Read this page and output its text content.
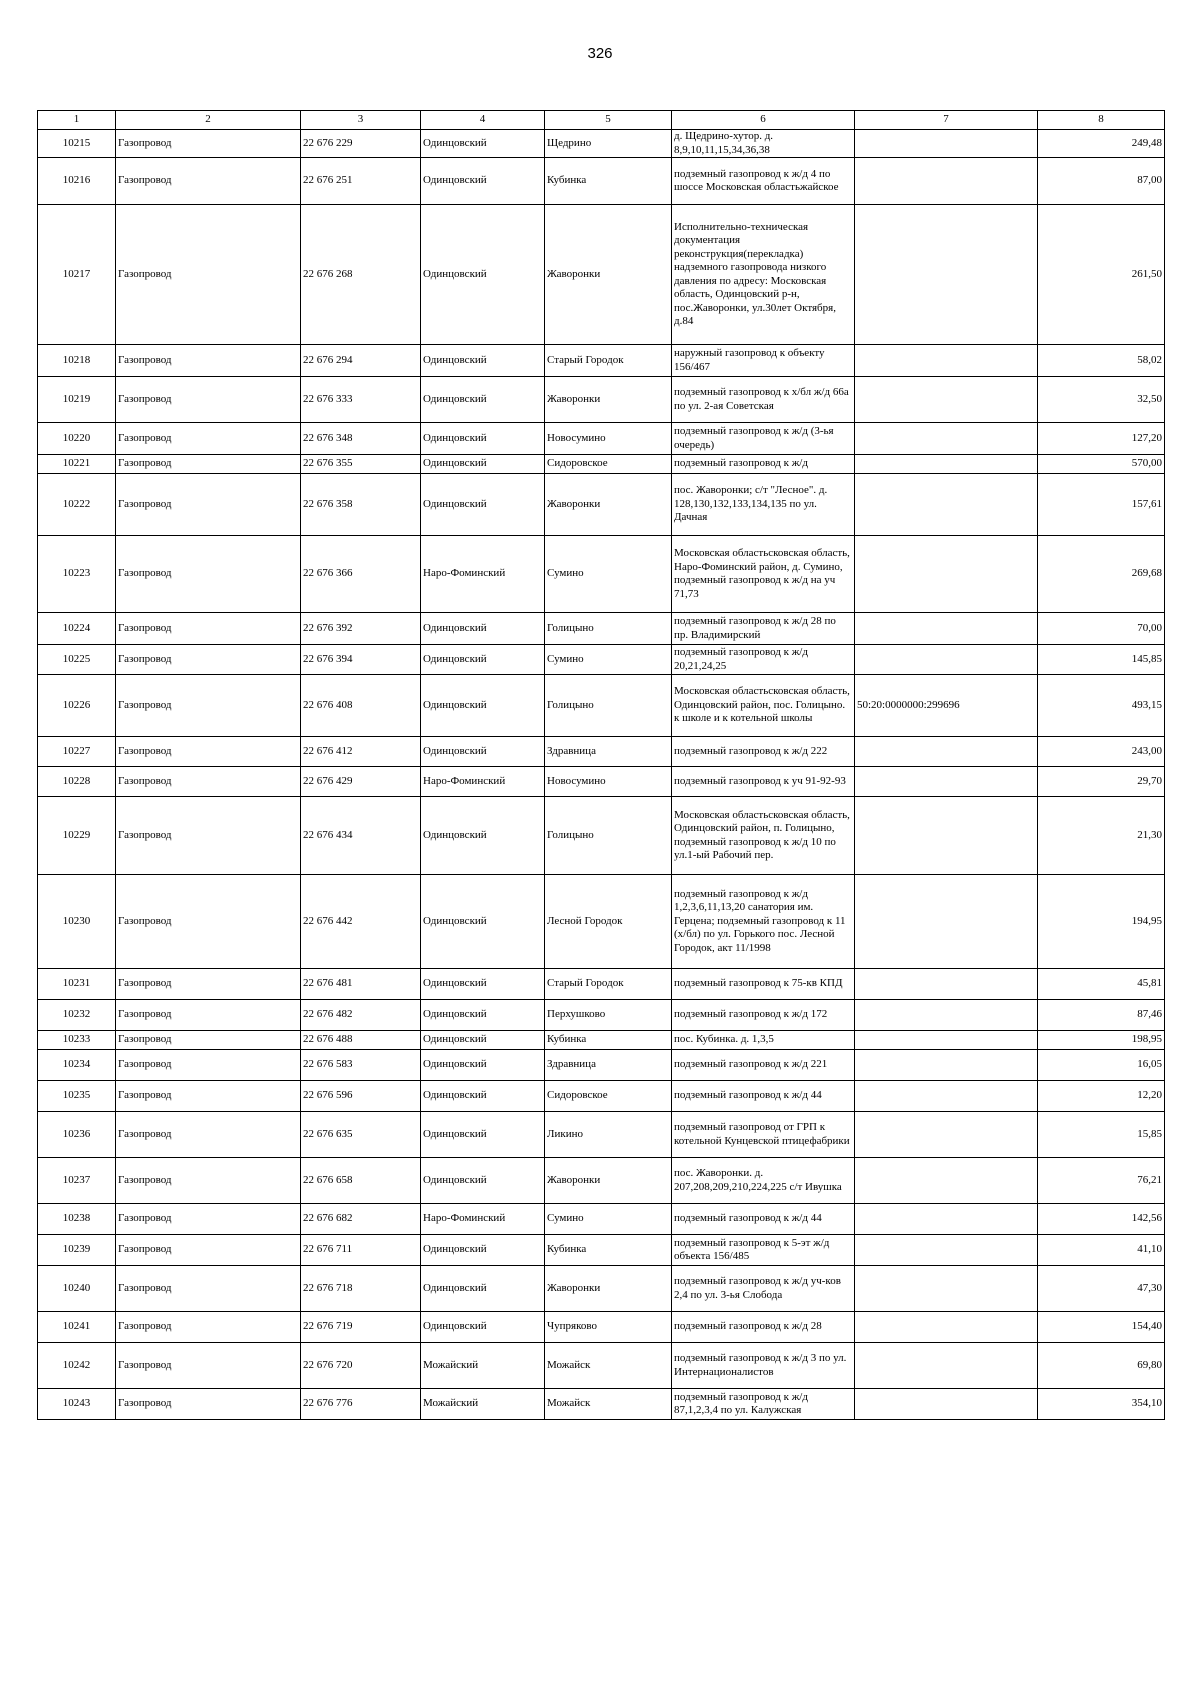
326
1	2	3	4	5	6	7	8
10215	Газопровод	22 676 229	Одинцовский	Щедрино	д. Щедрино-хутор. д. 8,9,10,11,15,34,36,38		249,48
10216	Газопровод	22 676 251	Одинцовский	Кубинка	подземный газопровод к ж/д 4 по шоссе Московская областьжайское		87,00
10217	Газопровод	22 676 268	Одинцовский	Жаворонки	Исполнительно-техническая документация реконструкция(перекладка) надземного газопровода низкого давления по адресу: Московская область, Одинцовский р-н, пос.Жаворонки, ул.30лет Октября, д.84		261,50
10218	Газопровод	22 676 294	Одинцовский	Старый Городок	наружный газопровод к объекту 156/467		58,02
10219	Газопровод	22 676 333	Одинцовский	Жаворонки	подземный газопровод к х/бл ж/д 66а по ул. 2-ая Советская		32,50
10220	Газопровод	22 676 348	Одинцовский	Новосумино	подземный газопровод к ж/д (3-ья очередь)		127,20
10221	Газопровод	22 676 355	Одинцовский	Сидоровское	подземный газопровод к ж/д		570,00
10222	Газопровод	22 676 358	Одинцовский	Жаворонки	пос. Жаворонки; с/т "Лесное". д. 128,130,132,133,134,135 по ул. Дачная		157,61
10223	Газопровод	22 676 366	Наро-Фоминский	Сумино	Московская областьсковская область, Наро-Фоминский район, д. Сумино, подземный газопровод к ж/д на уч 71,73		269,68
10224	Газопровод	22 676 392	Одинцовский	Голицыно	подземный газопровод к ж/д 28 по пр. Владимирский		70,00
10225	Газопровод	22 676 394	Одинцовский	Сумино	подземный газопровод к ж/д 20,21,24,25		145,85
10226	Газопровод	22 676 408	Одинцовский	Голицыно	Московская областьсковская область, Одинцовский район, пос. Голицыно. к школе и к котельной школы	50:20:0000000:299696	493,15
10227	Газопровод	22 676 412	Одинцовский	Здравница	подземный газопровод к ж/д 222		243,00
10228	Газопровод	22 676 429	Наро-Фоминский	Новосумино	подземный газопровод к уч 91-92-93		29,70
10229	Газопровод	22 676 434	Одинцовский	Голицыно	Московская областьсковская область, Одинцовский район, п. Голицыно, подземный газопровод к ж/д 10 по ул.1-ый Рабочий пер.		21,30
10230	Газопровод	22 676 442	Одинцовский	Лесной Городок	подземный газопровод к ж/д 1,2,3,6,11,13,20 санатория им. Герцена; подземный газопровод к 11 (х/бл) по ул. Горького пос. Лесной Городок, акт 11/1998		194,95
10231	Газопровод	22 676 481	Одинцовский	Старый Городок	подземный газопровод к 75-кв КПД		45,81
10232	Газопровод	22 676 482	Одинцовский	Перхушково	подземный газопровод к ж/д 172		87,46
10233	Газопровод	22 676 488	Одинцовский	Кубинка	пос. Кубинка. д. 1,3,5		198,95
10234	Газопровод	22 676 583	Одинцовский	Здравница	подземный газопровод к ж/д 221		16,05
10235	Газопровод	22 676 596	Одинцовский	Сидоровское	подземный газопровод к ж/д 44		12,20
10236	Газопровод	22 676 635	Одинцовский	Ликино	подземный газопровод от ГРП к котельной Кунцевской птицефабрики		15,85
10237	Газопровод	22 676 658	Одинцовский	Жаворонки	пос. Жаворонки. д. 207,208,209,210,224,225 с/т Ивушка		76,21
10238	Газопровод	22 676 682	Наро-Фоминский	Сумино	подземный газопровод к ж/д 44		142,56
10239	Газопровод	22 676 711	Одинцовский	Кубинка	подземный газопровод к 5-эт ж/д объекта 156/485		41,10
10240	Газопровод	22 676 718	Одинцовский	Жаворонки	подземный газопровод к ж/д уч-ков 2,4 по ул. 3-ья Слобода		47,30
10241	Газопровод	22 676 719	Одинцовский	Чупряково	подземный газопровод к ж/д 28		154,40
10242	Газопровод	22 676 720	Можайский	Можайск	подземный газопровод к ж/д 3 по ул. Интернационалистов		69,80
10243	Газопровод	22 676 776	Можайский	Можайск	подземный газопровод к ж/д 87,1,2,3,4 по ул. Калужская		354,10
